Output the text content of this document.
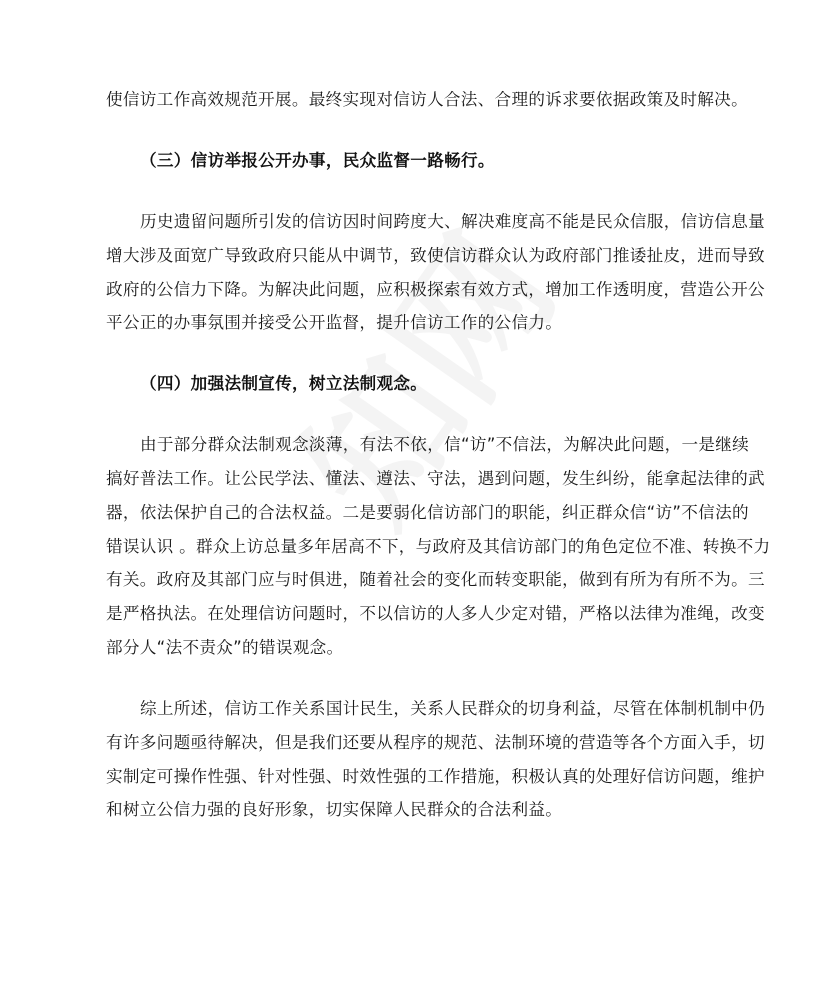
使信访工作高效规范开展。最终实现对信访人合法、合理的诉求要依据政策及时解决。
（三）信访举报公开办事，民众监督一路畅行。
历史遗留问题所引发的信访因时间跨度大、解决难度高不能是民众信服，信访信息量
增大涉及面宽广导致政府只能从中调节，致使信访群众认为政府部门推诿扯皮，进而导致
政府的公信力下降。为解决此问题，应积极探索有效方式，增加工作透明度，营造公开公
平公正的办事氛围并接受公开监督，提升信访工作的公信力。
（四）加强法制宣传，树立法制观念。
由于部分群众法制观念淡薄，有法不依，信“访”不信法，为解决此问题，一是继续
搞好普法工作。让公民学法、懂法、遵法、守法，遇到问题，发生纠纷，能拿起法律的武
器，依法保护自己的合法权益。二是要弱化信访部门的职能，纠正群众信“访”不信法的
错误认识 。群众上访总量多年居高不下，与政府及其信访部门的角色定位不准、转换不力
有关。政府及其部门应与时俱进，随着社会的变化而转变职能，做到有所为有所不为。三
是严格执法。在处理信访问题时，不以信访的人多人少定对错，严格以法律为准绳，改变
部分人“法不责众”的错误观念。
综上所述，信访工作关系国计民生，关系人民群众的切身利益，尽管在体制机制中仍
有许多问题亟待解决，但是我们还要从程序的规范、法制环境的营造等各个方面入手，切
实制定可操作性强、针对性强、时效性强的工作措施，积极认真的处理好信访问题，维护
和树立公信力强的良好形象，切实保障人民群众的合法利益。
